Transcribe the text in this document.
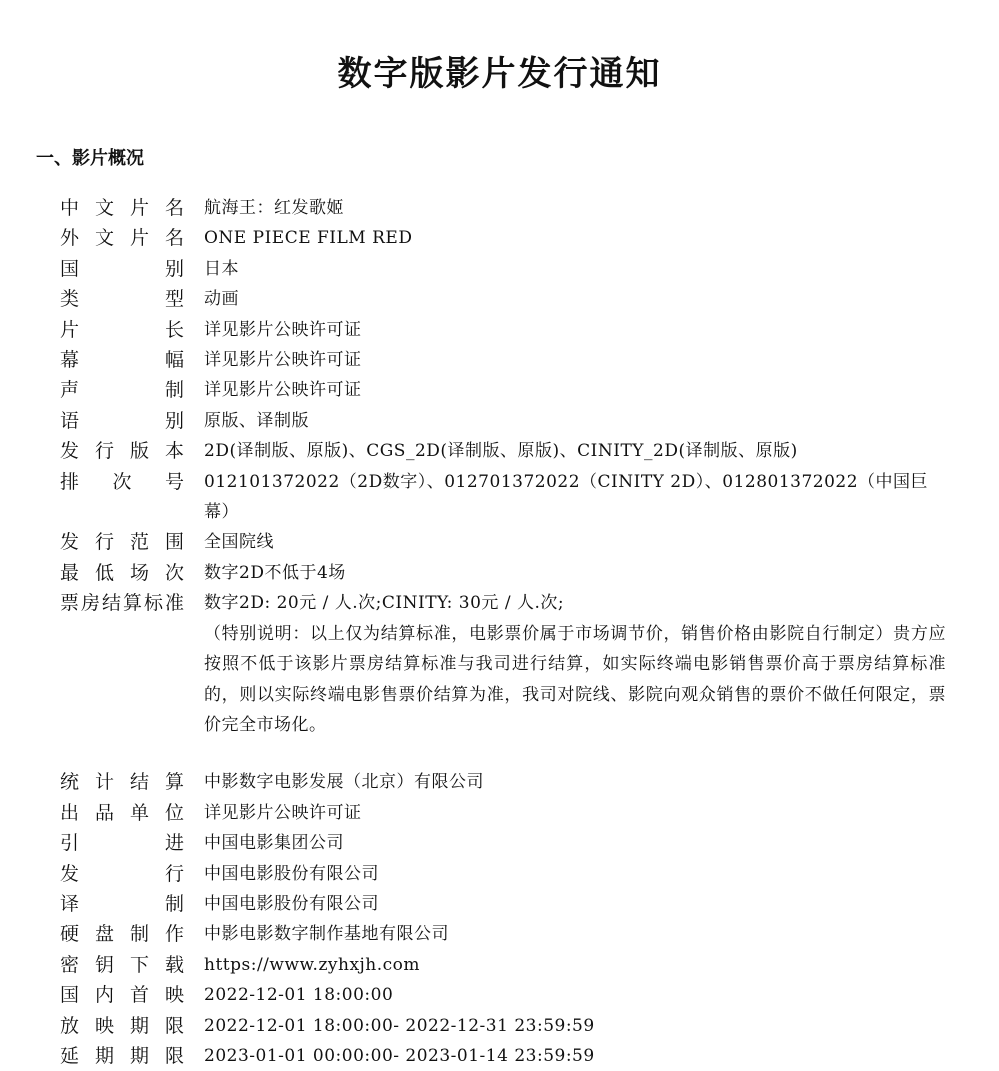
数字版影片发行通知
一、影片概况
中文片名 航海王：红发歌姬
外文片名 ONE PIECE FILM RED
国别 日本
类型 动画
片长 详见影片公映许可证
幕幅 详见影片公映许可证
声制 详见影片公映许可证
语别 原版、译制版
发行版本 2D(译制版、原版)、CGS_2D(译制版、原版)、CINITY_2D(译制版、原版)
排次号 012101372022（2D数字）、012701372022（CINITY 2D）、012801372022（中国巨幕）
发行范围 全国院线
最低场次 数字2D不低于4场
票房结算标准 数字2D: 20元 / 人.次;CINITY: 30元 / 人.次;
（特别说明：以上仅为结算标准，电影票价属于市场调节价，销售价格由影院自行制定）贵方应按照不低于该影片票房结算标准与我司进行结算，如实际终端电影销售票价高于票房结算标准的，则以实际终端电影售票价结算为准，我司对院线、影院向观众销售的票价不做任何限定，票价完全市场化。
统计结算 中影数字电影发展（北京）有限公司
出品单位 详见影片公映许可证
引进 中国电影集团公司
发行 中国电影股份有限公司
译制 中国电影股份有限公司
硬盘制作 中影电影数字制作基地有限公司
密钥下载 https://www.zyhxjh.com
国内首映 2022-12-01 18:00:00
放映期限 2022-12-01 18:00:00- 2022-12-31 23:59:59
延期期限 2023-01-01 00:00:00- 2023-01-14 23:59:59
